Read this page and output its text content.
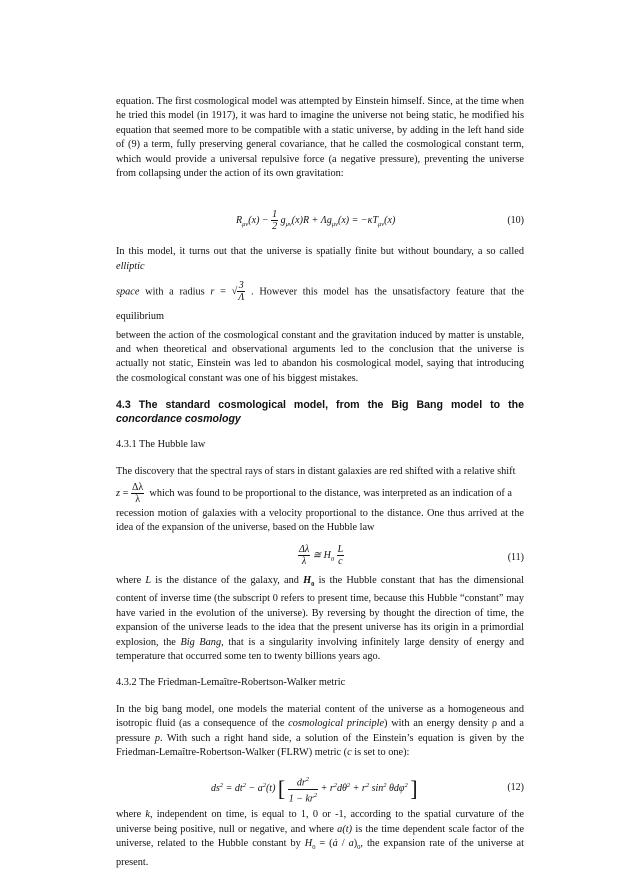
equation. The first cosmological model was attempted by Einstein himself. Since, at the time when he tried this model (in 1917), it was hard to imagine the universe not being static, he modified his equation that seemed more to be compatible with a static universe, by adding in the left hand side of (9) a term, fully preserving general covariance, that he called the cosmological constant term, which would provide a universal repulsive force (a negative pressure), preventing the universe from collapsing under the action of its own gravitation:

$R_{\mu\nu}(x) - \frac{1}{2} g_{\mu\nu}(x)R + \Lambda g_{\mu\nu}(x) = -\kappa T_{\mu\nu}(x)$	(10)

In this model, it turns out that the universe is spatially finite but without boundary, a so called elliptic

space with a radius r = √ $\frac{3}{\Lambda}$ . However this model has the unsatisfactory feature that the equilibrium

between the action of the cosmological constant and the gravitation induced by matter is unstable, and when theoretical and observational arguments led to the conclusion that the universe is actually not static, Einstein was led to abandon his cosmological model, saying that introducing the cosmological constant was one of his biggest mistakes.

4.3 The standard cosmological model, from the Big Bang model to the concordance cosmology

4.3.1 The Hubble law

The discovery that the spectral rays of stars in distant galaxies are red shifted with a relative shift

$z = \frac{\Delta\lambda}{\lambda}$ which was found to be proportional to the distance, was interpreted as an indication of a

recession motion of galaxies with a velocity proportional to the distance. One thus arrived at the idea of the expansion of the universe, based on the Hubble law

$\frac{\Delta\lambda}{\lambda}$ ≅ $H_0 \frac{L}{c}$	(11)

where L is the distance of the galaxy, and $H_0$ is the Hubble constant that has the dimensional content of inverse time (the subscript 0 refers to present time, because this Hubble “constant” may have varied in the evolution of the universe). By reversing by thought the direction of time, the expansion of the universe leads to the idea that the present universe has its origin in a primordial explosion, the Big Bang, that is a singularity involving infinitely large density of energy and temperature that occurred some ten to twenty billions years ago.

4.3.2 The Friedman-Lemaître-Robertson-Walker metric

In the big bang model, one models the material content of the universe as a homogeneous and isotropic fluid (as a consequence of the cosmological principle) with an energy density ρ and a pressure p. With such a right hand side, a solution of the Einstein’s equation is given by the Friedman-Lemaître-Robertson-Walker (FLRW) metric (c is set to one):

$ds^2 = dt^2 - a^2(t)$ [ $\frac{dr^2}{1 - kr^2} + r^2d\theta^2 + r^2$ $\sin^2 \theta d\varphi^2$ ]	(12)

where k, independent on time, is equal to 1, 0 or -1, according to the spatial curvature of the universe being positive, null or negative, and where a(t) is the time dependent scale factor of the universe, related to the Hubble constant by $H_0$ = (ȧ / $a)_0$, the expansion rate of the universe at present.
